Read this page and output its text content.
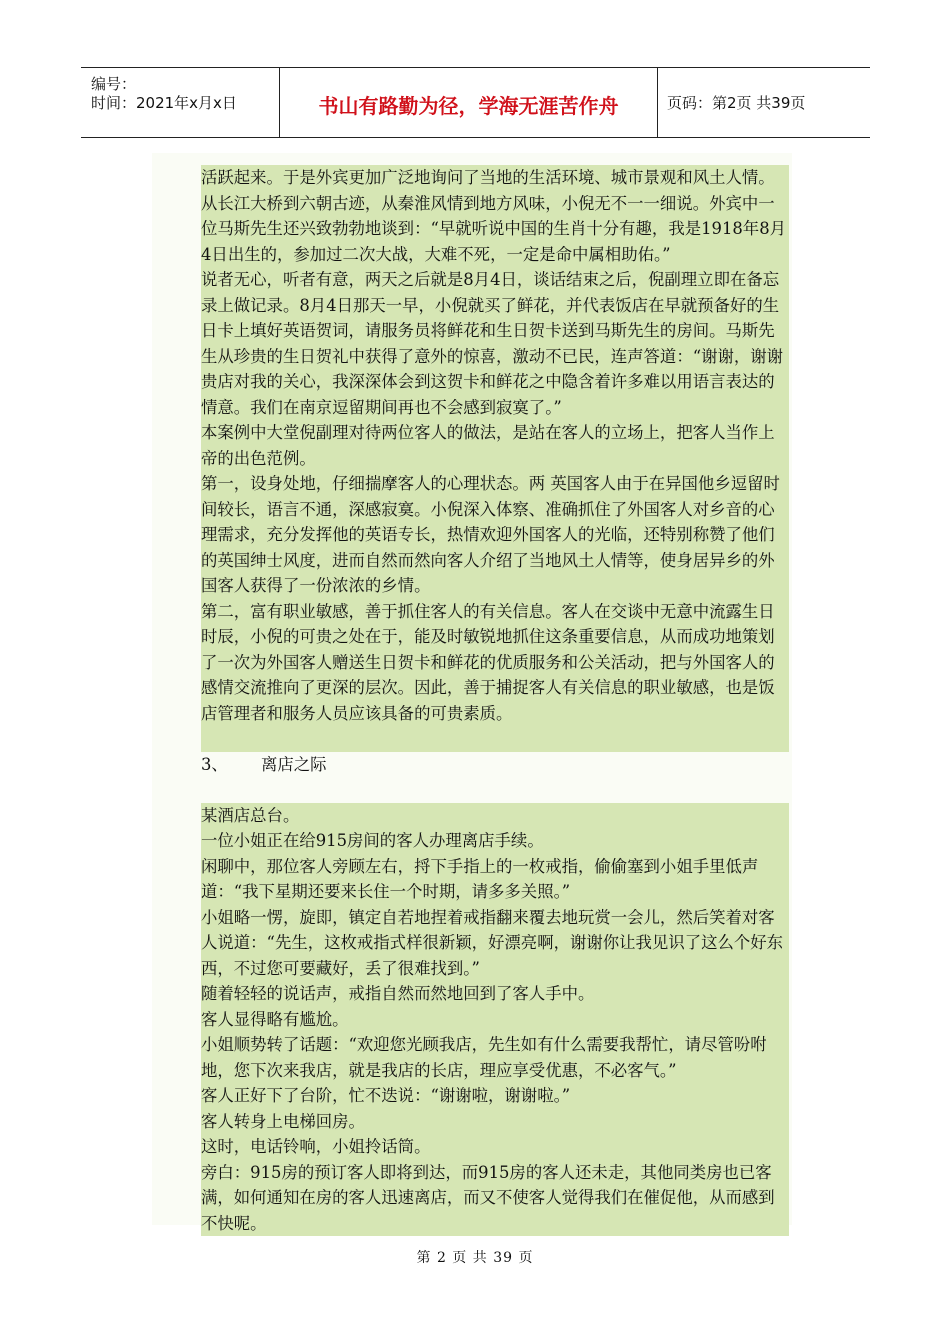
编号：
时间：2021年x月x日	书山有路勤为径，学海无涯苦作舟	页码：第2页 共39页

活跃起来。于是外宾更加广泛地询问了当地的生活环境、城市景观和风土人情。从长江大桥到六朝古迹，从秦淮风情到地方风味，小倪无不一一细说。外宾中一位马斯先生还兴致勃勃地谈到：“早就听说中国的生肖十分有趣，我是1918年8月4日出生的，参加过二次大战，大难不死，一定是命中属相助佑。”

说者无心，听者有意，两天之后就是8月4日，谈话结束之后，倪副理立即在备忘录上做记录。8月4日那天一早，小倪就买了鲜花，并代表饭店在早就预备好的生日卡上填好英语贺词，请服务员将鲜花和生日贺卡送到马斯先生的房间。马斯先生从珍贵的生日贺礼中获得了意外的惊喜，激动不已民，连声答道：“谢谢，谢谢贵店对我的关心，我深深体会到这贺卡和鲜花之中隐含着许多难以用语言表达的情意。我们在南京逗留期间再也不会感到寂寞了。”

本案例中大堂倪副理对待两位客人的做法，是站在客人的立场上，把客人当作上帝的出色范例。

第一，设身处地，仔细揣摩客人的心理状态。两 英国客人由于在异国他乡逗留时间较长，语言不通，深感寂寞。小倪深入体察、准确抓住了外国客人对乡音的心理需求，充分发挥他的英语专长，热情欢迎外国客人的光临，还特别称赞了他们的英国绅士风度，进而自然而然向客人介绍了当地风土人情等，使身居异乡的外国客人获得了一份浓浓的乡情。

第二，富有职业敏感，善于抓住客人的有关信息。客人在交谈中无意中流露生日时辰，小倪的可贵之处在于，能及时敏锐地抓住这条重要信息，从而成功地策划了一次为外国客人赠送生日贺卡和鲜花的优质服务和公关活动，把与外国客人的感情交流推向了更深的层次。因此，善于捕捉客人有关信息的职业敏感，也是饭店管理者和服务人员应该具备的可贵素质。

3、 离店之际

某酒店总台。

一位小姐正在给915房间的客人办理离店手续。

闲聊中，那位客人旁顾左右，捋下手指上的一枚戒指，偷偷塞到小姐手里低声道：“我下星期还要来长住一个时期，请多多关照。”

小姐略一愣，旋即，镇定自若地捏着戒指翻来覆去地玩赏一会儿，然后笑着对客人说道：“先生，这枚戒指式样很新颖，好漂亮啊，谢谢你让我见识了这么个好东西，不过您可要藏好，丢了很难找到。”

随着轻轻的说话声，戒指自然而然地回到了客人手中。

客人显得略有尴尬。

小姐顺势转了话题：“欢迎您光顾我店，先生如有什么需要我帮忙，请尽管吩咐地，您下次来我店，就是我店的长店，理应享受优惠，不必客气。”

客人正好下了台阶，忙不迭说：“谢谢啦，谢谢啦。”

客人转身上电梯回房。

这时，电话铃响，小姐拎话筒。

旁白：915房的预订客人即将到达，而915房的客人还未走，其他同类房也已客满，如何通知在房的客人迅速离店，而又不使客人觉得我们在催促他，从而感到不快呢。

第 2 页 共 39 页
